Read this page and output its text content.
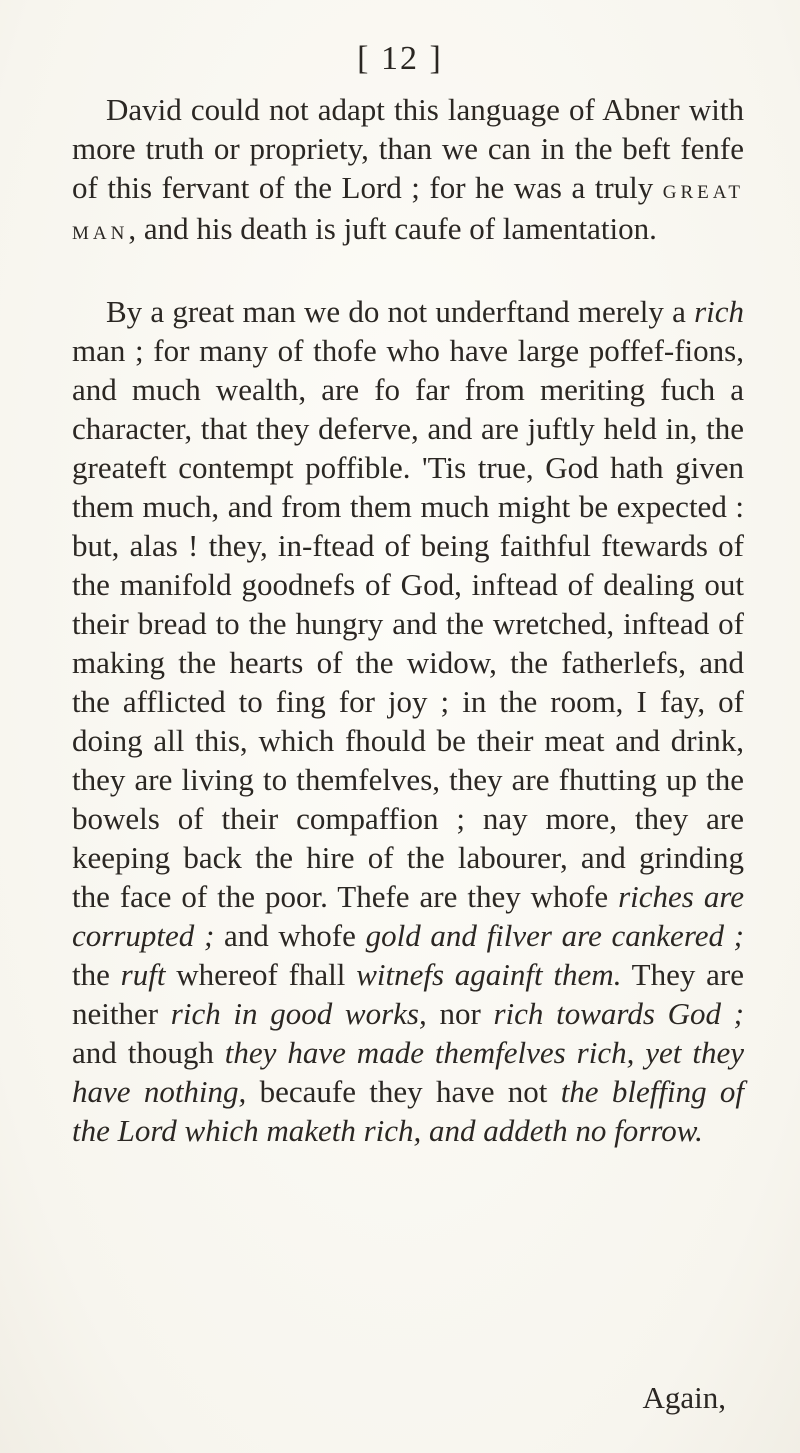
[ 12 ]

David could not adapt this language of Abner with more truth or propriety, than we can in the beft fenfe of this fervant of the Lord ; for he was a truly great man, and his death is juft caufe of lamentation.

By a great man we do not underftand merely a rich man ; for many of thofe who have large poffef-fions, and much wealth, are fo far from meriting fuch a character, that they deferve, and are juftly held in, the greateft contempt poffible. 'Tis true, God hath given them much, and from them much might be expected : but, alas ! they, in-ftead of being faithful ftewards of the manifold goodnefs of God, inftead of dealing out their bread to the hungry and the wretched, inftead of making the hearts of the widow, the fatherlefs, and the afflicted to fing for joy ; in the room, I fay, of doing all this, which fhould be their meat and drink, they are living to themfelves, they are fhutting up the bowels of their compaffion ; nay more, they are keeping back the hire of the labourer, and grinding the face of the poor. Thefe are they whofe riches are corrupted ; and whofe gold and filver are cankered ; the ruft whereof fhall witnefs againft them. They are neither rich in good works, nor rich towards God ; and though they have made themfelves rich, yet they have nothing, becaufe they have not the bleffing of the Lord which maketh rich, and addeth no forrow.

Again,
